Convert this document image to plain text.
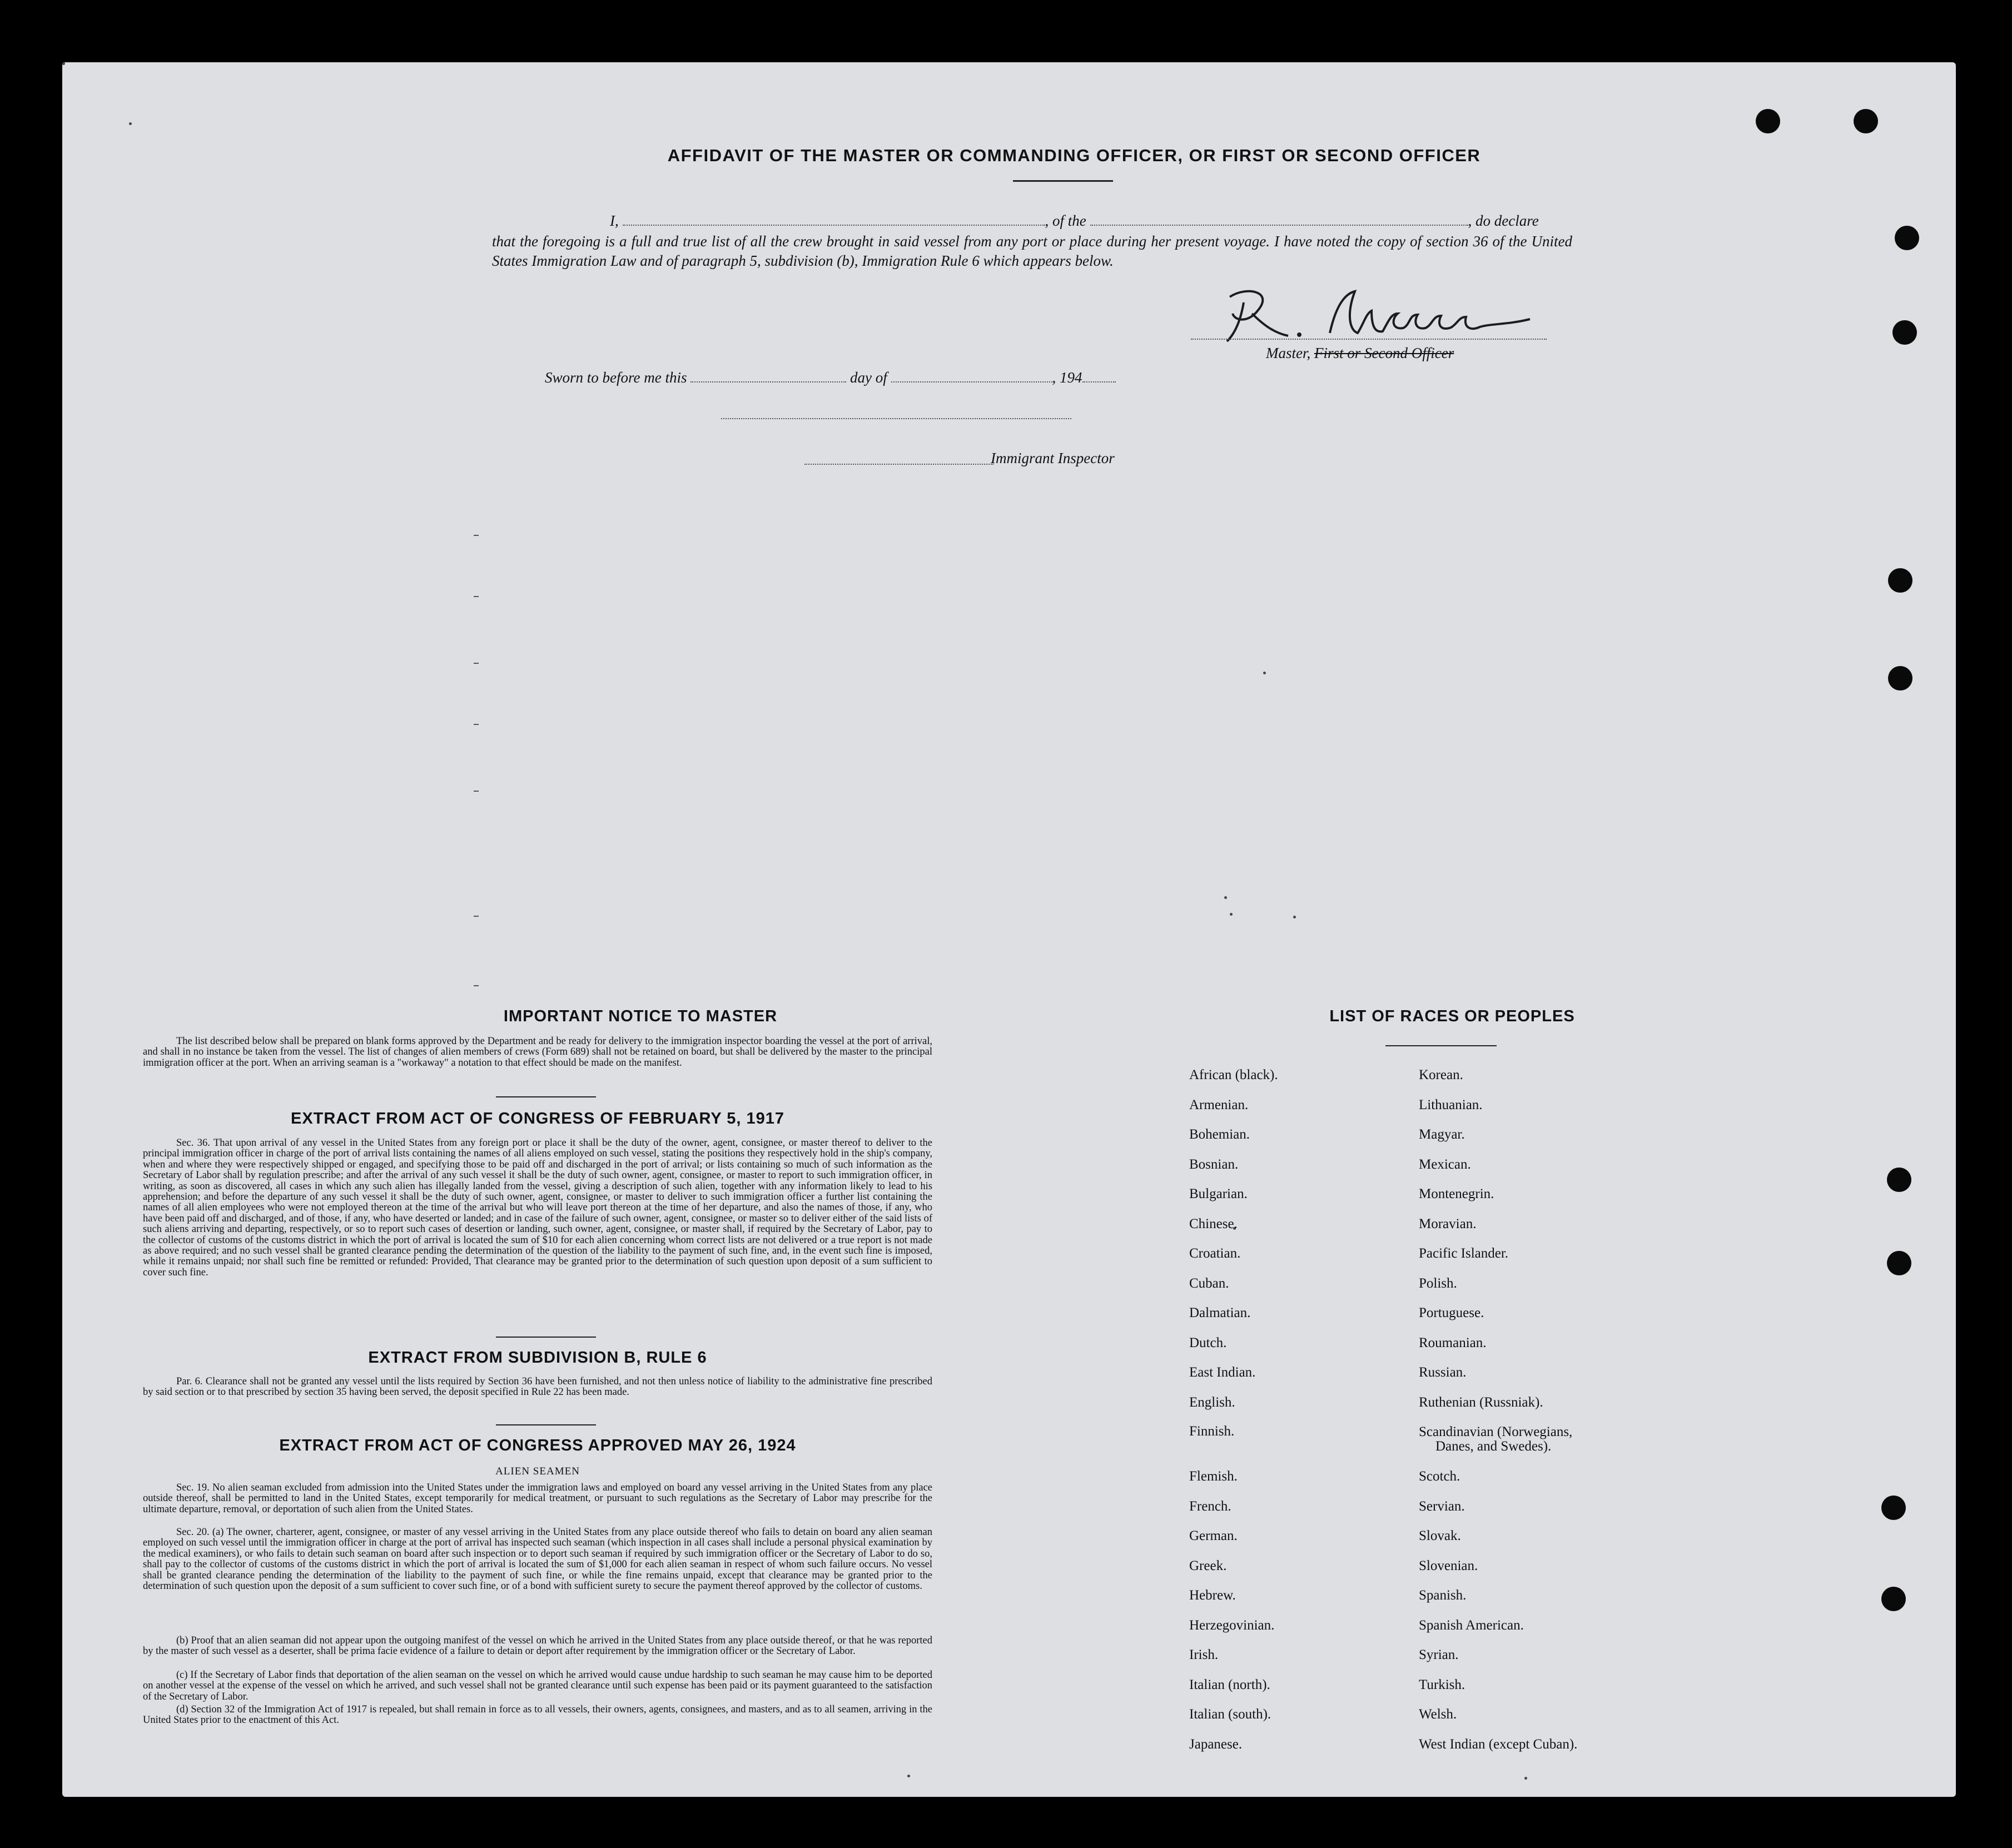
AFFIDAVIT OF THE MASTER OR COMMANDING OFFICER, OR FIRST OR SECOND OFFICER
I,	, of the	, do declare
that the foregoing is a full and true list of all the crew brought in said vessel from any port or place during her present voyage. I have noted the copy of section 36 of the United States Immigration Law and of paragraph 5, subdivision (b), Immigration Rule 6 which appears below.
Master, First or Second Officer
Sworn to before me this	day of	, 194
Immigrant Inspector
IMPORTANT NOTICE TO MASTER
The list described below shall be prepared on blank forms approved by the Department and be ready for delivery to the immigration inspector boarding the vessel at the port of arrival, and shall in no instance be taken from the vessel. The list of changes of alien members of crews (Form 689) shall not be retained on board, but shall be delivered by the master to the principal immigration officer at the port. When an arriving seaman is a "workaway" a notation to that effect should be made on the manifest.
EXTRACT FROM ACT OF CONGRESS OF FEBRUARY 5, 1917
Sec. 36. That upon arrival of any vessel in the United States from any foreign port or place it shall be the duty of the owner, agent, consignee, or master thereof to deliver to the principal immigration officer in charge of the port of arrival lists containing the names of all aliens employed on such vessel, stating the positions they respectively hold in the ship's company, when and where they were respectively shipped or engaged, and specifying those to be paid off and discharged in the port of arrival; or lists containing so much of such information as the Secretary of Labor shall by regulation prescribe; and after the arrival of any such vessel it shall be the duty of such owner, agent, consignee, or master to report to such immigration officer, in writing, as soon as discovered, all cases in which any such alien has illegally landed from the vessel, giving a description of such alien, together with any information likely to lead to his apprehension; and before the departure of any such vessel it shall be the duty of such owner, agent, consignee, or master to deliver to such immigration officer a further list containing the names of all alien employees who were not employed thereon at the time of the arrival but who will leave port thereon at the time of her departure, and also the names of those, if any, who have been paid off and discharged, and of those, if any, who have deserted or landed; and in case of the failure of such owner, agent, consignee, or master so to deliver either of the said lists of such aliens arriving and departing, respectively, or so to report such cases of desertion or landing, such owner, agent, consignee, or master shall, if required by the Secretary of Labor, pay to the collector of customs of the customs district in which the port of arrival is located the sum of $10 for each alien concerning whom correct lists are not delivered or a true report is not made as above required; and no such vessel shall be granted clearance pending the determination of the question of the liability to the payment of such fine, and, in the event such fine is imposed, while it remains unpaid; nor shall such fine be remitted or refunded: Provided, That clearance may be granted prior to the determination of such question upon deposit of a sum sufficient to cover such fine.
EXTRACT FROM SUBDIVISION B, RULE 6
Par. 6. Clearance shall not be granted any vessel until the lists required by Section 36 have been furnished, and not then unless notice of liability to the administrative fine prescribed by said section or to that prescribed by section 35 having been served, the deposit specified in Rule 22 has been made.
EXTRACT FROM ACT OF CONGRESS APPROVED MAY 26, 1924
ALIEN SEAMEN
Sec. 19. No alien seaman excluded from admission into the United States under the immigration laws and employed on board any vessel arriving in the United States from any place outside thereof, shall be permitted to land in the United States, except temporarily for medical treatment, or pursuant to such regulations as the Secretary of Labor may prescribe for the ultimate departure, removal, or deportation of such alien from the United States.
Sec. 20. (a) The owner, charterer, agent, consignee, or master of any vessel arriving in the United States from any place outside thereof who fails to detain on board any alien seaman employed on such vessel until the immigration officer in charge at the port of arrival has inspected such seaman (which inspection in all cases shall include a personal physical examination by the medical examiners), or who fails to detain such seaman on board after such inspection or to deport such seaman if required by such immigration officer or the Secretary of Labor to do so, shall pay to the collector of customs of the customs district in which the port of arrival is located the sum of $1,000 for each alien seaman in respect of whom such failure occurs. No vessel shall be granted clearance pending the determination of the liability to the payment of such fine, or while the fine remains unpaid, except that clearance may be granted prior to the determination of such question upon the deposit of a sum sufficient to cover such fine, or of a bond with sufficient surety to secure the payment thereof approved by the collector of customs.
(b) Proof that an alien seaman did not appear upon the outgoing manifest of the vessel on which he arrived in the United States from any place outside thereof, or that he was reported by the master of such vessel as a deserter, shall be prima facie evidence of a failure to detain or deport after requirement by the immigration officer or the Secretary of Labor.
(c) If the Secretary of Labor finds that deportation of the alien seaman on the vessel on which he arrived would cause undue hardship to such seaman he may cause him to be deported on another vessel at the expense of the vessel on which he arrived, and such vessel shall not be granted clearance until such expense has been paid or its payment guaranteed to the satisfaction of the Secretary of Labor.
(d) Section 32 of the Immigration Act of 1917 is repealed, but shall remain in force as to all vessels, their owners, agents, consignees, and masters, and as to all seamen, arriving in the United States prior to the enactment of this Act.
LIST OF RACES OR PEOPLES
African (black).
Armenian.
Bohemian.
Bosnian.
Bulgarian.
Chinese.
Croatian.
Cuban.
Dalmatian.
Dutch.
East Indian.
English.
Finnish.
Flemish.
French.
German.
Greek.
Hebrew.
Herzegovinian.
Irish.
Italian (north).
Italian (south).
Japanese.
Korean.
Lithuanian.
Magyar.
Mexican.
Montenegrin.
Moravian.
Pacific Islander.
Polish.
Portuguese.
Roumanian.
Russian.
Ruthenian (Russniak).
Scandinavian (Norwegians,
Danes, and Swedes).
Scotch.
Servian.
Slovak.
Slovenian.
Spanish.
Spanish American.
Syrian.
Turkish.
Welsh.
West Indian (except Cuban).
